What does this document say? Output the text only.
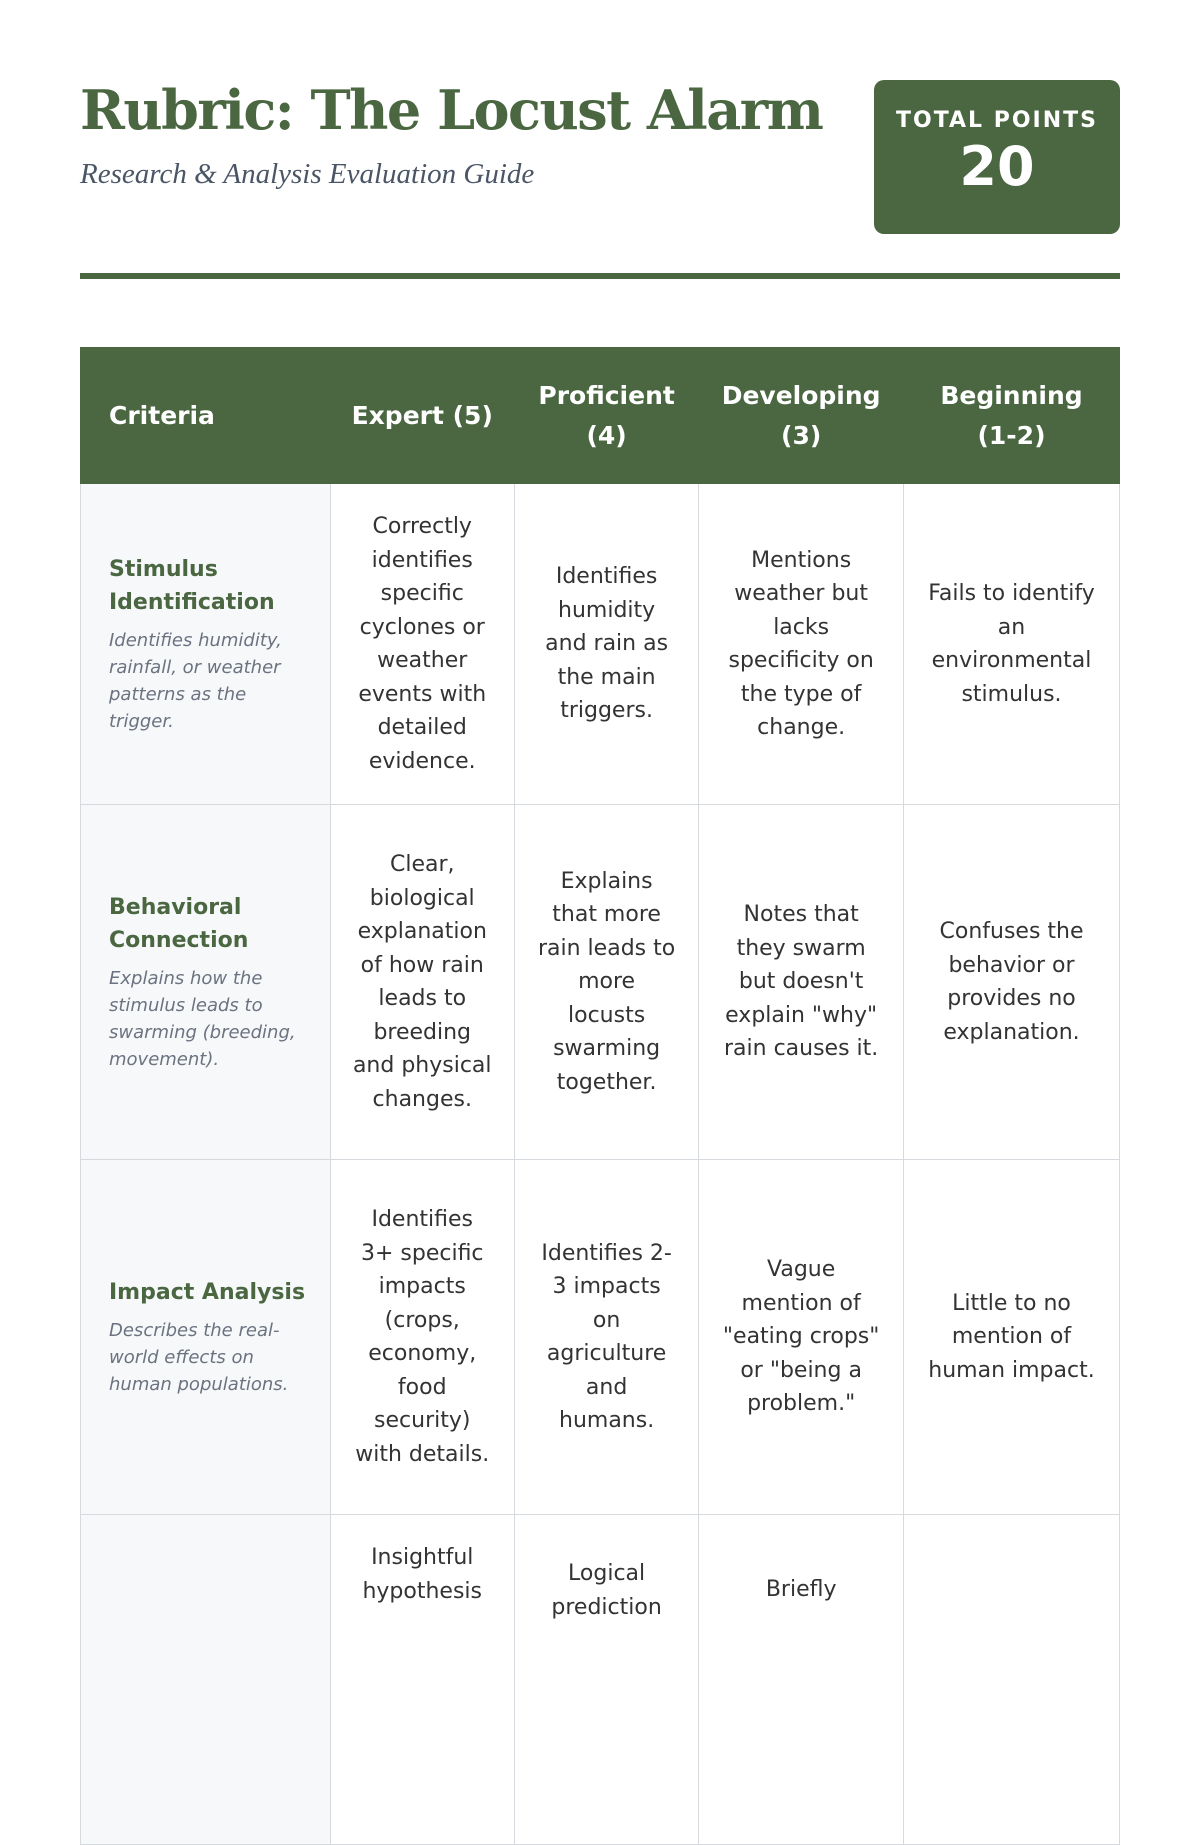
Rubric: The Locust Alarm

Research & Analysis Evaluation Guide

TOTAL POINTS
20
Criteria	Expert (5)	Proficient (4)	Developing (3)	Beginning (1-2)

Stimulus Identification
Identifies humidity, rainfall, or weather patterns as the trigger.	Correctly identifies specific cyclones or weather events with detailed evidence.	Identifies humidity and rain as the main triggers.	Mentions weather but lacks specificity on the type of change.	Fails to identify an environmental stimulus.

Behavioral Connection
Explains how the stimulus leads to swarming (breeding, movement).	Clear, biological explanation of how rain leads to breeding and physical changes.	Explains that more rain leads to more locusts swarming together.	Notes that they swarm but doesn't explain "why" rain causes it.	Confuses the behavior or provides no explanation.

Impact Analysis
Describes the real-world effects on human populations.	Identifies 3+ specific impacts (crops, economy, food security) with details.	Identifies 2-3 impacts on agriculture and humans.	Vague mention of "eating crops" or "being a problem."	Little to no mention of human impact.

	Insightful hypothesis	Logical prediction	Briefly	
